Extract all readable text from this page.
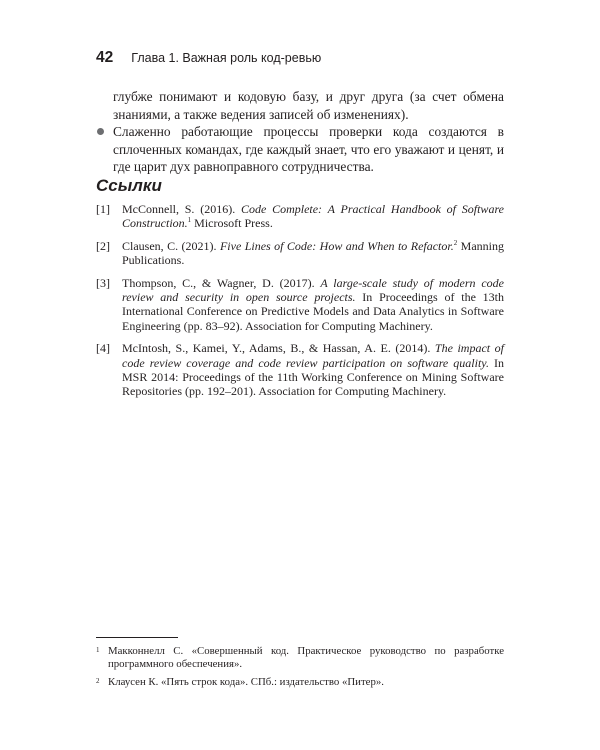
42 Глава 1. Важная роль код-ревью
глубже понимают и кодовую базу, и друг друга (за счет обмена знаниями, а также ведения записей об изменениях).
Слаженно работающие процессы проверки кода создаются в сплоченных командах, где каждый знает, что его уважают и ценят, и где царит дух равноправного сотрудничества.
Ссылки
[1] McConnell, S. (2016). Code Complete: A Practical Handbook of Software Construction.$^1$ Microsoft Press.
[2] Clausen, C. (2021). Five Lines of Code: How and When to Refactor.$^2$ Manning Publications.
[3] Thompson, C., & Wagner, D. (2017). A large-scale study of modern code review and security in open source projects. In Proceedings of the 13th International Conference on Predictive Models and Data Analytics in Software Engineering (pp. 83–92). Association for Computing Machinery.
[4] McIntosh, S., Kamei, Y., Adams, B., & Hassan, A. E. (2014). The impact of code review coverage and code review participation on software quality. In MSR 2014: Proceedings of the 11th Working Conference on Mining Software Repositories (pp. 192–201). Association for Computing Machinery.
1 Макконнелл С. «Совершенный код. Практическое руководство по разработке программного обеспечения».
2 Клаусен К. «Пять строк кода». СПб.: издательство «Питер».
